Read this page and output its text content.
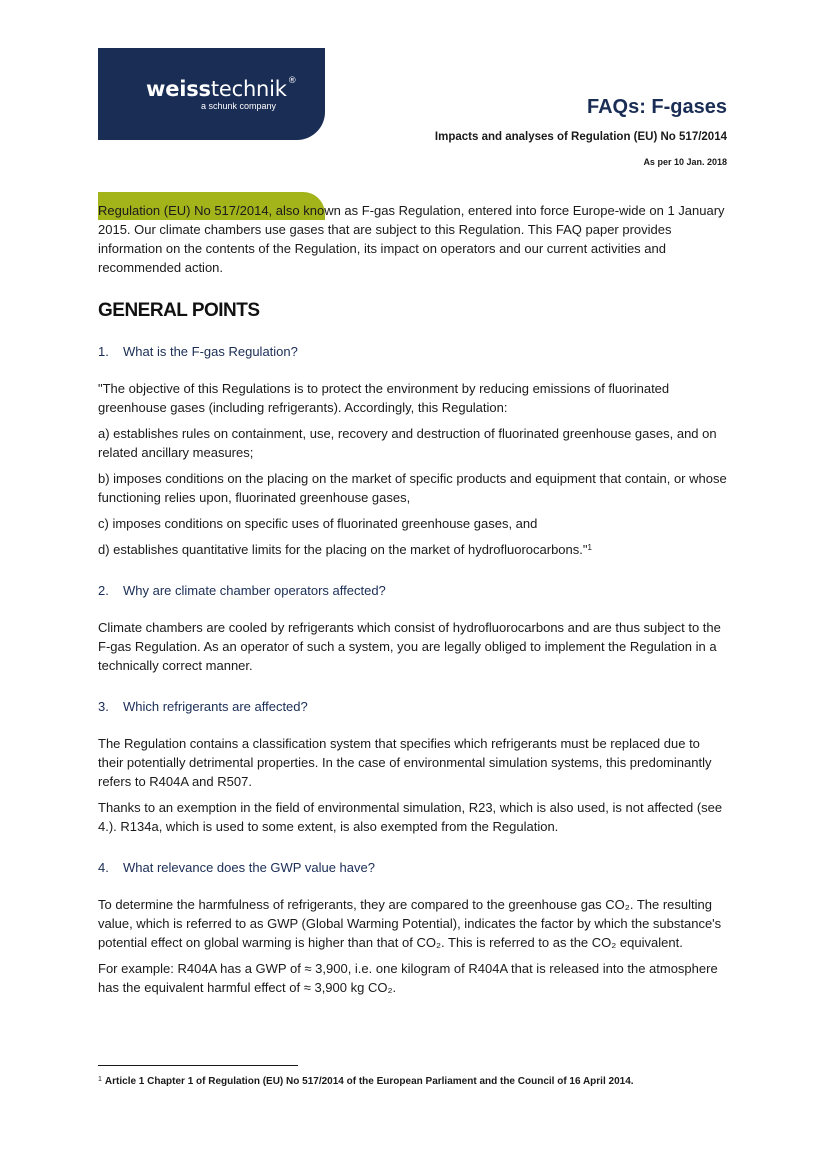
weisstechnik®
a schunk company	FAQs: F-gases
Impacts and analyses of Regulation (EU) No 517/2014
As per 10 Jan. 2018

Regulation (EU) No 517/2014, also known as F-gas Regulation, entered into force Europe-wide on 1 January 2015. Our climate chambers use gases that are subject to this Regulation. This FAQ paper provides information on the contents of the Regulation, its impact on operators and our current activities and recommended action.

GENERAL POINTS
1. What is the F-gas Regulation?

"The objective of this Regulations is to protect the environment by reducing emissions of fluorinated greenhouse gases (including refrigerants). Accordingly, this Regulation:

a) establishes rules on containment, use, recovery and destruction of fluorinated greenhouse gases, and on related ancillary measures;

b) imposes conditions on the placing on the market of specific products and equipment that contain, or whose functioning relies upon, fluorinated greenhouse gases,

c) imposes conditions on specific uses of fluorinated greenhouse gases, and

d) establishes quantitative limits for the placing on the market of hydrofluorocarbons."$^1$

2. Why are climate chamber operators affected?

Climate chambers are cooled by refrigerants which consist of hydrofluorocarbons and are thus subject to the F-gas Regulation. As an operator of such a system, you are legally obliged to implement the Regulation in a technically correct manner.

3. Which refrigerants are affected?

The Regulation contains a classification system that specifies which refrigerants must be replaced due to their potentially detrimental properties. In the case of environmental simulation systems, this predominantly refers to R404A and R507.

Thanks to an exemption in the field of environmental simulation, R23, which is also used, is not affected (see 4.). R134a, which is used to some extent, is also exempted from the Regulation.

4. What relevance does the GWP value have?

To determine the harmfulness of refrigerants, they are compared to the greenhouse gas CO₂. The resulting value, which is referred to as GWP (Global Warming Potential), indicates the factor by which the substance's potential effect on global warming is higher than that of CO₂. This is referred to as the CO₂ equivalent.

For example: R404A has a GWP of ≈ 3,900, i.e. one kilogram of R404A that is released into the atmosphere has the equivalent harmful effect of ≈ 3,900 kg CO₂.

$^1$ Article 1 Chapter 1 of Regulation (EU) No 517/2014 of the European Parliament and the Council of 16 April 2014.
